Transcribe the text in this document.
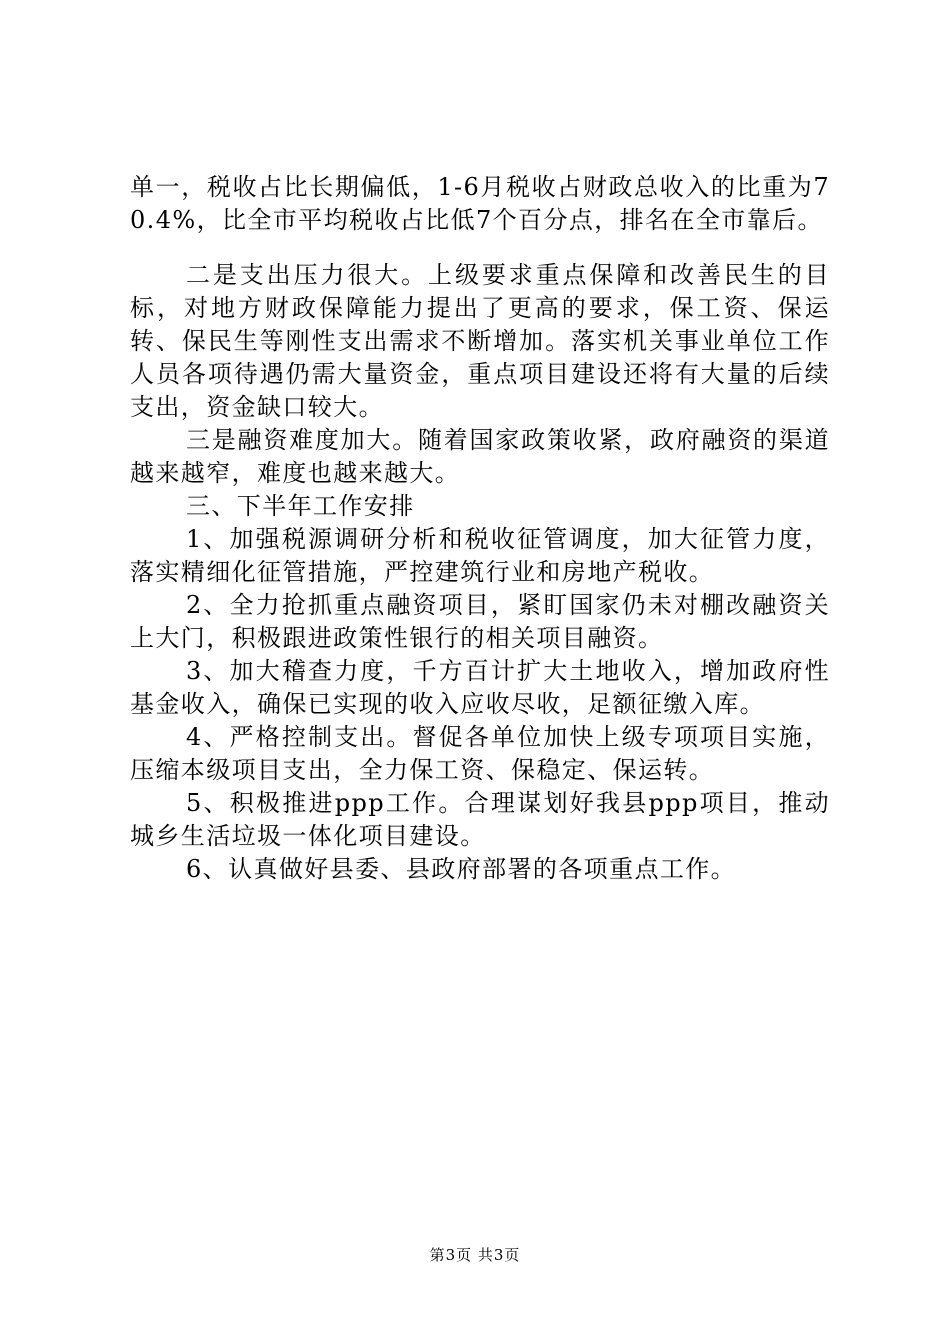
单一，税收占比长期偏低，1-6月税收占财政总收入的比重为70.4%，比全市平均税收占比低7个百分点，排名在全市靠后。

二是支出压力很大。上级要求重点保障和改善民生的目标，对地方财政保障能力提出了更高的要求，保工资、保运转、保民生等刚性支出需求不断增加。落实机关事业单位工作人员各项待遇仍需大量资金，重点项目建设还将有大量的后续支出，资金缺口较大。

三是融资难度加大。随着国家政策收紧，政府融资的渠道越来越窄，难度也越来越大。

三、下半年工作安排

1、加强税源调研分析和税收征管调度，加大征管力度，落实精细化征管措施，严控建筑行业和房地产税收。

2、全力抢抓重点融资项目，紧盯国家仍未对棚改融资关上大门，积极跟进政策性银行的相关项目融资。

3、加大稽查力度，千方百计扩大土地收入，增加政府性基金收入，确保已实现的收入应收尽收，足额征缴入库。

4、严格控制支出。督促各单位加快上级专项项目实施，压缩本级项目支出，全力保工资、保稳定、保运转。

5、积极推进ppp工作。合理谋划好我县ppp项目，推动城乡生活垃圾一体化项目建设。

6、认真做好县委、县政府部署的各项重点工作。

第3页 共3页
